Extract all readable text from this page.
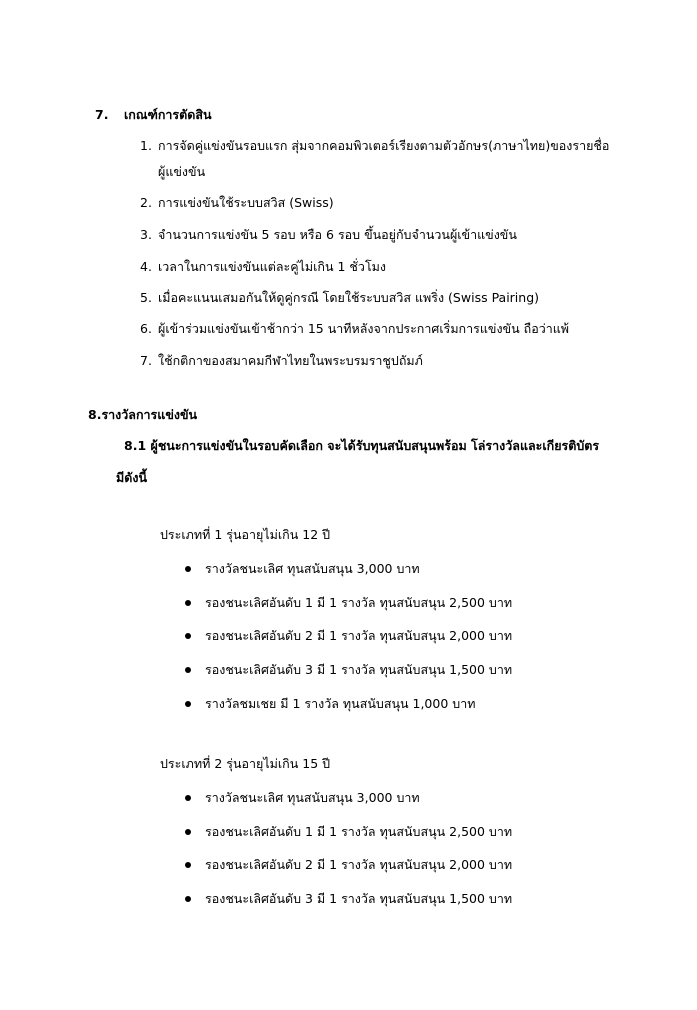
7. เกณฑ์การตัดสิน
1. การจัดคู่แข่งขันรอบแรก สุ่มจากคอมพิวเตอร์เรียงตามตัวอักษร(ภาษาไทย)ของรายชื่อ
ผู้แข่งขัน
2. การแข่งขันใช้ระบบสวิส (Swiss)
3. จำนวนการแข่งขัน 5 รอบ หรือ 6 รอบ ขึ้นอยู่กับจำนวนผู้เข้าแข่งขัน
4. เวลาในการแข่งขันแต่ละคู่ไม่เกิน 1 ชั่วโมง
5. เมื่อคะแนนเสมอกันให้ดูคู่กรณี โดยใช้ระบบสวิส แพริ่ง (Swiss Pairing)
6. ผู้เข้าร่วมแข่งขันเข้าช้ากว่า 15 นาทีหลังจากประกาศเริ่มการแข่งขัน ถือว่าแพ้
7. ใช้กติกาของสมาคมกีฬาไทยในพระบรมราชูปถัมภ์
8.รางวัลการแข่งขัน
8.1 ผู้ชนะการแข่งขันในรอบคัดเลือก จะได้รับทุนสนับสนุนพร้อม โล่รางวัลและเกียรติบัตร
มีดังนี้
ประเภทที่ 1 รุ่นอายุไม่เกิน 12 ปี
รางวัลชนะเลิศ ทุนสนับสนุน 3,000 บาท
รองชนะเลิศอันดับ 1 มี 1 รางวัล ทุนสนับสนุน 2,500 บาท
รองชนะเลิศอันดับ 2 มี 1 รางวัล ทุนสนับสนุน 2,000 บาท
รองชนะเลิศอันดับ 3 มี 1 รางวัล ทุนสนับสนุน 1,500 บาท
รางวัลชมเชย มี 1 รางวัล ทุนสนับสนุน 1,000 บาท
ประเภทที่ 2 รุ่นอายุไม่เกิน 15 ปี
รางวัลชนะเลิศ ทุนสนับสนุน 3,000 บาท
รองชนะเลิศอันดับ 1 มี 1 รางวัล ทุนสนับสนุน 2,500 บาท
รองชนะเลิศอันดับ 2 มี 1 รางวัล ทุนสนับสนุน 2,000 บาท
รองชนะเลิศอันดับ 3 มี 1 รางวัล ทุนสนับสนุน 1,500 บาท
